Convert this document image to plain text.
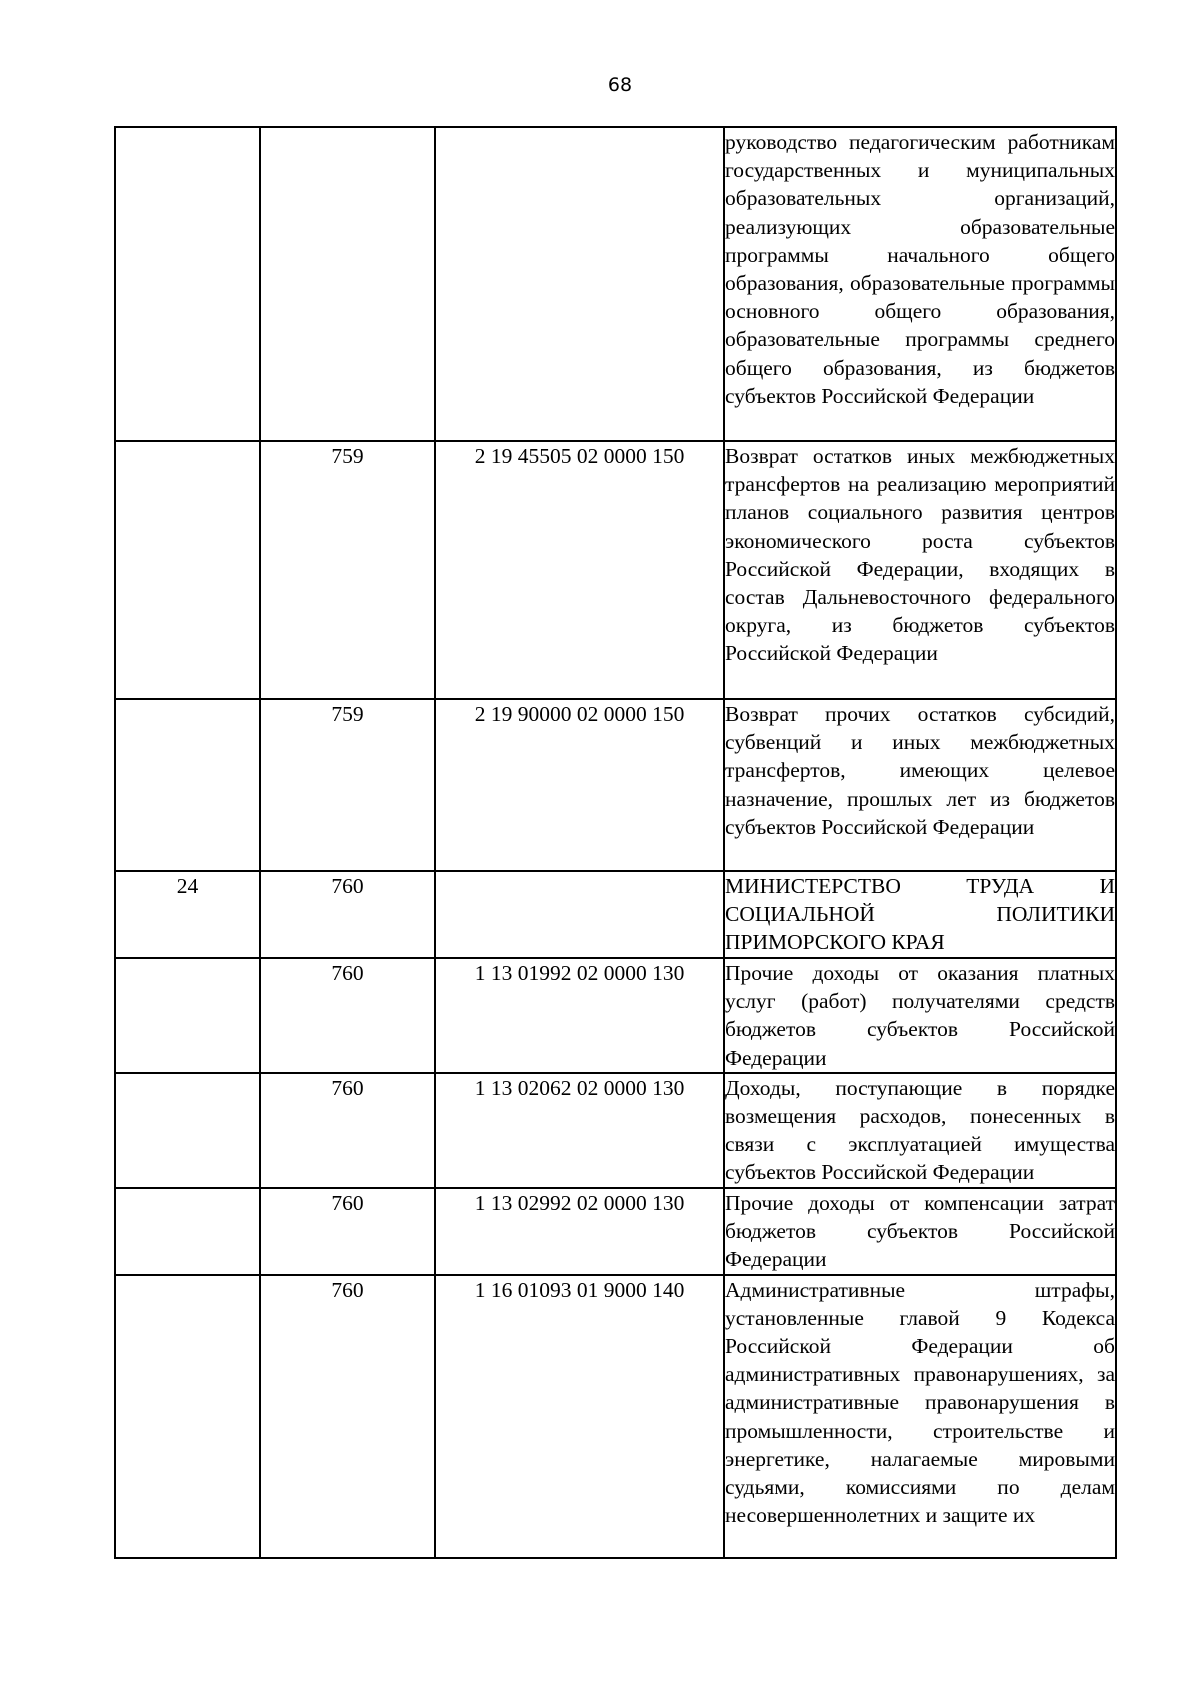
68

			руководство педагогическим работникам государственных и муниципальных образовательных организаций, реализующих образовательные программы начального общего образования, образовательные программы основного общего образования, образовательные программы среднего общего образования, из бюджетов субъектов Российской Федерации

	759	2 19 45505 02 0000 150	Возврат остатков иных межбюджетных трансфертов на реализацию мероприятий планов социального развития центров экономического роста субъектов Российской Федерации, входящих в состав Дальневосточного федерального округа, из бюджетов субъектов Российской Федерации

	759	2 19 90000 02 0000 150	Возврат прочих остатков субсидий, субвенций и иных межбюджетных трансфертов, имеющих целевое назначение, прошлых лет из бюджетов субъектов Российской Федерации

24	760		МИНИСТЕРСТВО ТРУДА И СОЦИАЛЬНОЙ ПОЛИТИКИ ПРИМОРСКОГО КРАЯ

	760	1 13 01992 02 0000 130	Прочие доходы от оказания платных услуг (работ) получателями средств бюджетов субъектов Российской Федерации

	760	1 13 02062 02 0000 130	Доходы, поступающие в порядке возмещения расходов, понесенных в связи с эксплуатацией имущества субъектов Российской Федерации

	760	1 13 02992 02 0000 130	Прочие доходы от компенсации затрат бюджетов субъектов Российской Федерации

	760	1 16 01093 01 9000 140	Административные штрафы, установленные главой 9 Кодекса Российской Федерации об административных правонарушениях, за административные правонарушения в промышленности, строительстве и энергетике, налагаемые мировыми судьями, комиссиями по делам несовершеннолетних и защите их
